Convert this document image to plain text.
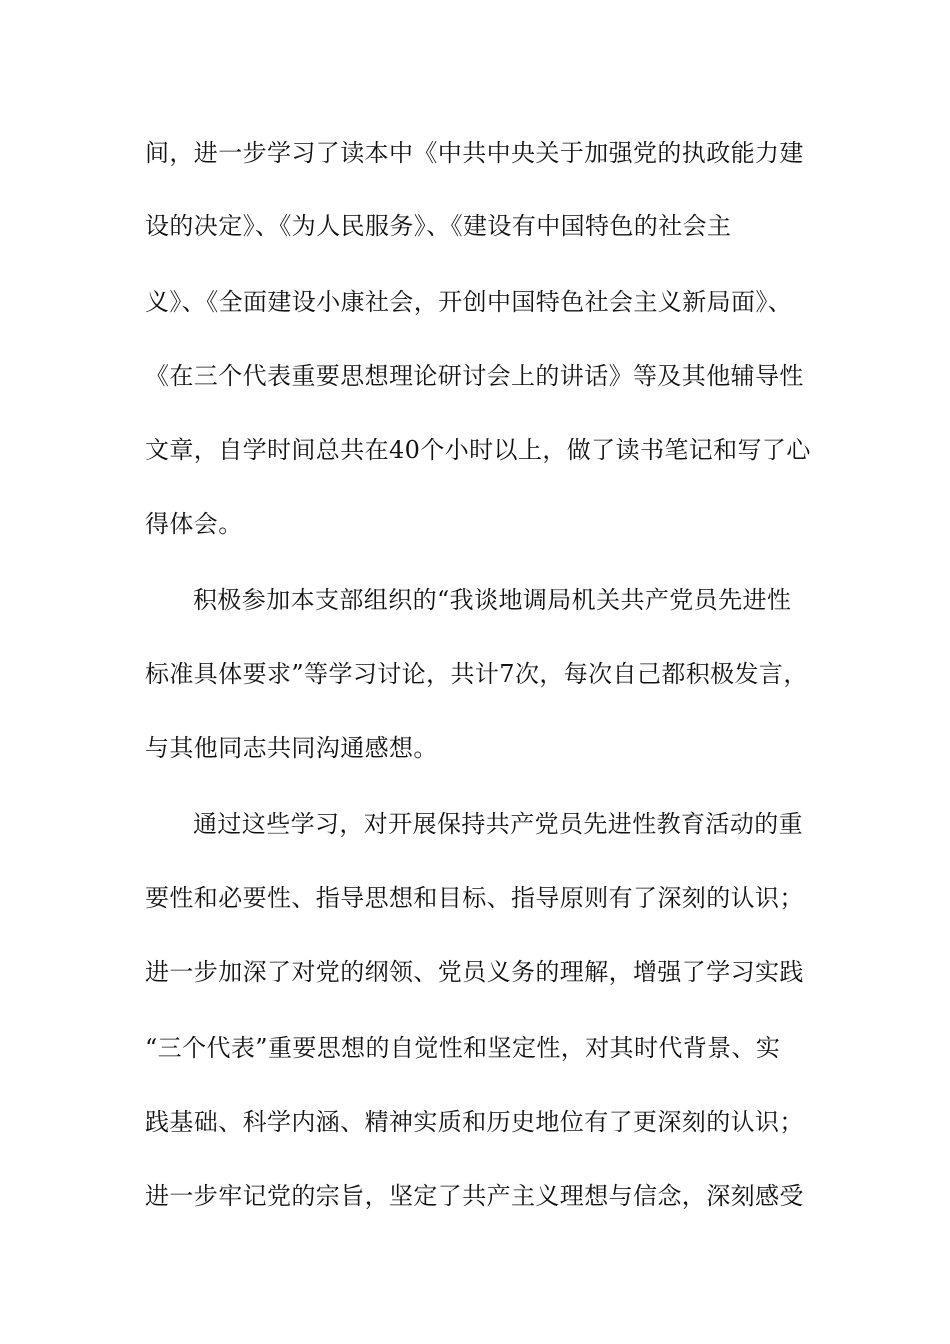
间，进一步学习了读本中《中共中央关于加强党的执政能力建
设的决定》、《为人民服务》、《建设有中国特色的社会主
义》、《全面建设小康社会，开创中国特色社会主义新局面》、
《在三个代表重要思想理论研讨会上的讲话》等及其他辅导性
文章，自学时间总共在40个小时以上，做了读书笔记和写了心
得体会。
积极参加本支部组织的“我谈地调局机关共产党员先进性
标准具体要求”等学习讨论，共计7次，每次自己都积极发言，
与其他同志共同沟通感想。
通过这些学习，对开展保持共产党员先进性教育活动的重
要性和必要性、指导思想和目标、指导原则有了深刻的认识；
进一步加深了对党的纲领、党员义务的理解，增强了学习实践
“三个代表”重要思想的自觉性和坚定性，对其时代背景、实
践基础、科学内涵、精神实质和历史地位有了更深刻的认识；
进一步牢记党的宗旨，坚定了共产主义理想与信念，深刻感受
